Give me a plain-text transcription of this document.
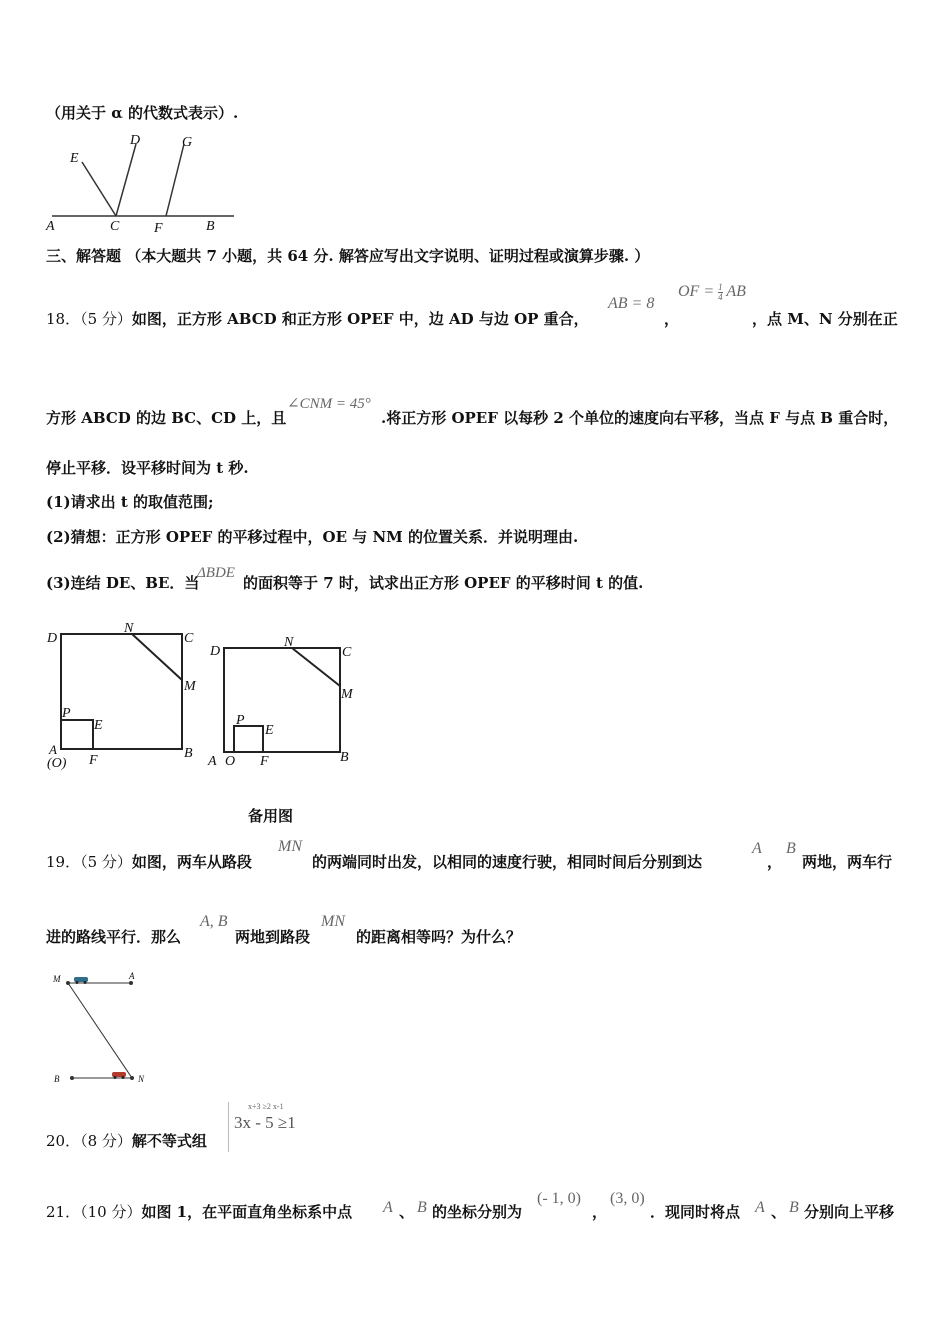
（用关于 α 的代数式表示）.
E
D	G
A	C F	B
三、解答题 （本大题共 7 小题，共 64 分. 解答应写出文字说明、证明过程或演算步骤. ）
18．（5 分）如图，正方形 ABCD 和正方形 OPEF 中，边 AD 与边 OP 重合，
AB = 8
，
OF = $\frac{1}{4}$ AB
，点 M、N 分别在正
方形 ABCD 的边 BC、CD 上，且
∠CNM = 45°
.将正方形 OPEF 以每秒 2 个单位的速度向右平移，当点 F 与点 B 重合时，
停止平移．设平移时间为 t 秒.
(1)请求出 t 的取值范围;
(2)猜想：正方形 OPEF 的平移过程中，OE 与 NM 的位置关系．并说明理由.
(3)连结 DE、BE．当
ΔBDE
的面积等于 7 时，试求出正方形 OPEF 的平移时间 t 的值.
D
N
C
M
P
E
A
(O) F	B
D
N
C
M
P
E
A O F	B
备用图
19．（5 分）如图，两车从路段
MN
的两端同时出发，以相同的速度行驶，相同时间后分别到达
A
，
B
两地，两车行
进的路线平行．那么
A, B
两地到路段
MN
的距离相等吗？为什么？
M	A
B	N
20．（8 分）解不等式组
x+3 ≥2 x-1
3x - 5 ≥1
21．（10 分）如图 1，在平面直角坐标系中点 A 、 B 的坐标分别为
(- 1, 0)
，
(3, 0)
．现同时将点 A 、 B 分别向上平移
